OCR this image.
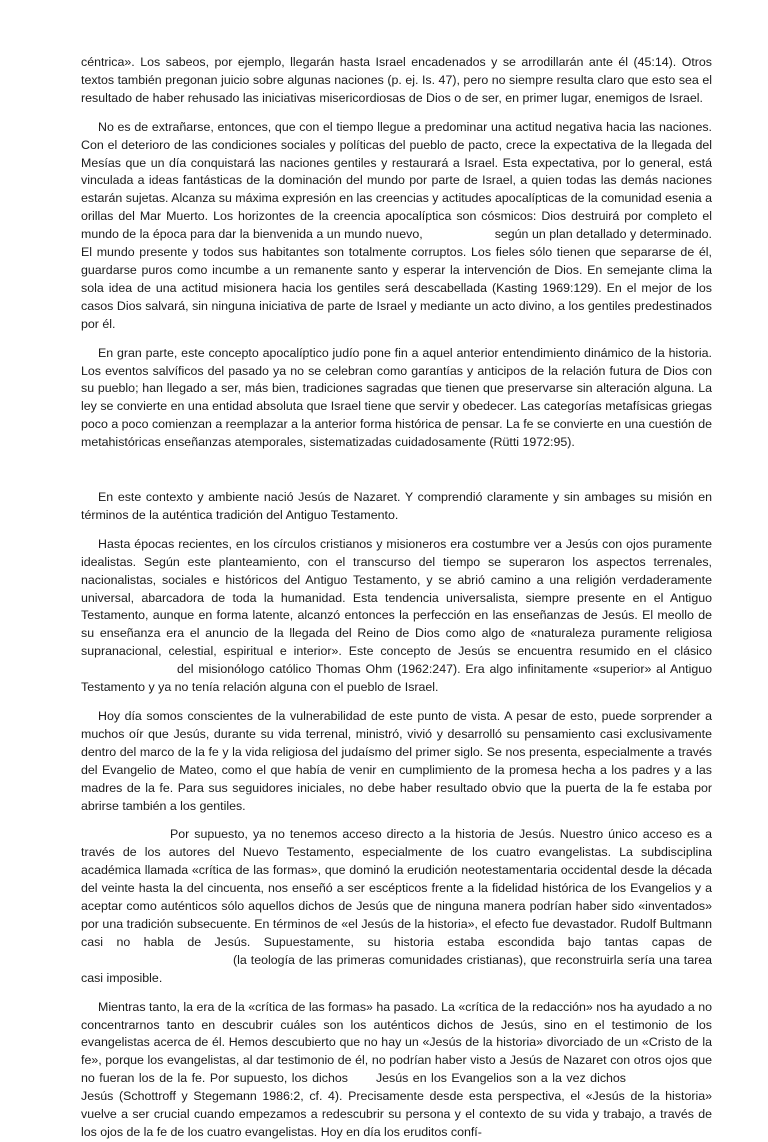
céntrica». Los sabeos, por ejemplo, llegarán hasta Israel encadenados y se arrodillarán ante él (45:14). Otros textos también pregonan juicio sobre algunas naciones (p. ej. Is. 47), pero no siempre resulta claro que esto sea el resultado de haber rehusado las iniciativas misericordiosas de Dios o de ser, en primer lugar, enemigos de Israel.

No es de extrañarse, entonces, que con el tiempo llegue a predominar una actitud negativa hacia las naciones. Con el deterioro de las condiciones sociales y políticas del pueblo de pacto, crece la expectativa de la llegada del Mesías que un día conquistará las naciones gentiles y restaurará a Israel. Esta expectativa, por lo general, está vinculada a ideas fantásticas de la dominación del mundo por parte de Israel, a quien todas las demás naciones estarán sujetas. Alcanza su máxima expresión en las creencias y actitudes apocalípticas de la comunidad esenia a orillas del Mar Muerto. Los horizontes de la creencia apocalíptica son cósmicos: Dios destruirá por completo el mundo de la época para dar la bienvenida a un mundo nuevo,	según un plan detallado y determinado. El mundo presente y todos sus habitantes son totalmente corruptos. Los fieles sólo tienen que separarse de él, guardarse puros como incumbe a un remanente santo y esperar la intervención de Dios. En semejante clima la sola idea de una actitud misionera hacia los gentiles será descabellada (Kasting 1969:129). En el mejor de los casos Dios salvará, sin ninguna iniciativa de parte de Israel y mediante un acto divino, a los gentiles predestinados por él.

En gran parte, este concepto apocalíptico judío pone fin a aquel anterior entendimiento dinámico de la historia. Los eventos salvíficos del pasado ya no se celebran como garantías y anticipos de la relación futura de Dios con su pueblo; han llegado a ser, más bien, tradiciones sagradas que tienen que preservarse sin alteración alguna. La ley se convierte en una entidad absoluta que Israel tiene que servir y obedecer. Las categorías metafísicas griegas poco a poco comienzan a reemplazar a la anterior forma histórica de pensar. La fe se convierte en una cuestión de metahistóricas enseñanzas atemporales, sistematizadas cuidadosamente (Rütti 1972:95).

En este contexto y ambiente nació Jesús de Nazaret. Y comprendió claramente y sin ambages su misión en términos de la auténtica tradición del Antiguo Testamento.

Hasta épocas recientes, en los círculos cristianos y misioneros era costumbre ver a Jesús con ojos puramente idealistas. Según este planteamiento, con el transcurso del tiempo se superaron los aspectos terrenales, nacionalistas, sociales e históricos del Antiguo Testamento, y se abrió camino a una religión verdaderamente universal, abarcadora de toda la humanidad. Esta tendencia universalista, siempre presente en el Antiguo Testamento, aunque en forma latente, alcanzó entonces la perfección en las enseñanzas de Jesús. El meollo de su enseñanza era el anuncio de la llegada del Reino de Dios como algo de «naturaleza puramente religiosa supranacional, celestial, espiritual e interior». Este concepto de Jesús se encuentra resumido en el clásicodel misionólogo católico Thomas Ohm (1962:247). Era algo infinitamente «superior» al Antiguo Testamento y ya no tenía relación alguna con el pueblo de Israel.

Hoy día somos conscientes de la vulnerabilidad de este punto de vista. A pesar de esto, puede sorprender a muchos oír que Jesús, durante su vida terrenal, ministró, vivió y desarrolló su pensamiento casi exclusivamente dentro del marco de la fe y la vida religiosa del judaísmo del primer siglo. Se nos presenta, especialmente a través del Evangelio de Mateo, como el que había de venir en cumplimiento de la promesa hecha a los padres y a las madres de la fe. Para sus seguidores iniciales, no debe haber resultado obvio que la puerta de la fe estaba por abrirse también a los gentiles.

Por supuesto, ya no tenemos acceso directo a la historia de Jesús. Nuestro único acceso es a través de los autores del Nuevo Testamento, especialmente de los cuatro evangelistas. La subdisciplina académica llamada «crítica de las formas», que dominó la erudición neotestamentaria occidental desde la década del veinte hasta la del cincuenta, nos enseñó a ser escépticos frente a la fidelidad histórica de los Evangelios y a aceptar como auténticos sólo aquellos dichos de Jesús que de ninguna manera podrían haber sido «inventados» por una tradición subsecuente. En términos de «el Jesús de la historia», el efecto fue devastador. Rudolf Bultmann casi no habla de Jesús. Supuestamente, su historia estaba escondida bajo tantas capas de(la teología de las primeras comunidades cristianas), que reconstruirla sería una tarea casi imposible.

Mientras tanto, la era de la «crítica de las formas» ha pasado. La «crítica de la redacción» nos ha ayudado a no concentrarnos tanto en descubrir cuáles son los auténticos dichos de Jesús, sino en el testimonio de los evangelistas acerca de él. Hemos descubierto que no hay un «Jesús de la historia» divorciado de un «Cristo de la fe», porque los evangelistas, al dar testimonio de él, no podrían haber visto a Jesús de Nazaret con otros ojos que no fueran los de la fe. Por supuesto, los dichos Jesús en los Evangelios son a la vez dichosJesús (Schottroff y Stegemann 1986:2, cf. 4). Precisamente desde esta perspectiva, el «Jesús de la historia» vuelve a ser crucial cuando empezamos a redescubrir su persona y el contexto de su vida y trabajo, a través de los ojos de la fe de los cuatro evangelistas. Hoy en día los eruditos confí-
